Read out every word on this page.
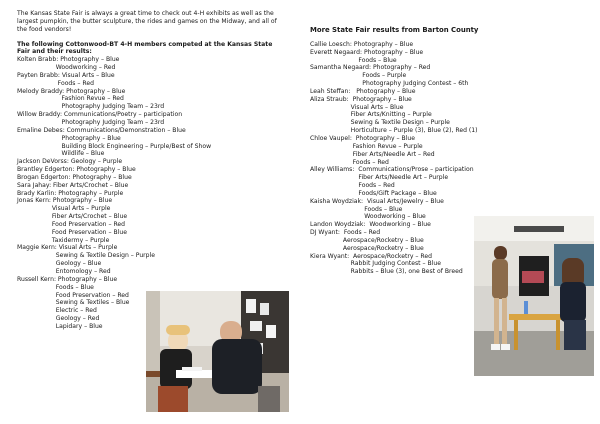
The Kansas State Fair is always a great time to check out 4-H exhibits as well as the largest pumpkin, the butter sculpture, the rides and games on the Midway, and all of the food vendors!
The following Cottonwood-BT 4-H members competed at the Kansas State Fair and their results:
Kolten Brabb: Photography – Blue
Woodworking – Red
Payten Brabb: Visual Arts – Blue
Foods – Red
Melody Braddy: Photography – Blue
Fashion Revue – Red
Photography Judging Team – 23rd
Willow Braddy: Communications/Poetry – participation
Photography Judging Team – 23rd
Emaline Debes: Communications/Demonstration – Blue
Photography – Blue
Building Block Engineering – Purple/Best of Show
Wildlife – Blue
Jackson DeVorss: Geology – Purple
Brantley Edgerton: Photography – Blue
Brogan Edgerton: Photography – Blue
Sara Jahay: Fiber Arts/Crochet – Blue
Brady Karlin: Photography – Purple
Jonas Kern: Photography – Blue
Visual Arts – Purple
Fiber Arts/Crochet – Blue
Food Preservation – Red
Food Preservation – Blue
Taxidermy – Purple
Maggie Kern: Visual Arts – Purple
Sewing & Textile Design – Purple
Geology – Blue
Entomology – Red
Russell Kern: Photography – Blue
Foods – Blue
Food Preservation – Red
Sewing & Textiles – Blue
Electric – Red
Geology – Red
Lapidary – Blue
More State Fair results from Barton County
Callie Loesch: Photography – Blue
Everett Negaard: Photography – Blue
Foods – Blue
Samantha Negaard: Photography – Red
Foods – Purple
Photography Judging Contest – 6th
Leah Steffan:   Photography – Blue
Aliza Straub:  Photography – Blue
Visual Arts – Blue
Fiber Arts/Knitting – Purple
Sewing & Textile Design – Purple
Horticulture – Purple (3), Blue (2), Red (1)
Chloe Vaupel:  Photography – Blue
Fashion Revue – Purple
Fiber Arts/Needle Art – Red
Foods – Red
Alley Williams:  Communications/Prose – participation
Fiber Arts/Needle Art – Purple
Foods – Red
Foods/Gift Package – Blue
Kaisha Woydziak:  Visual Arts/Jewelry – Blue
Foods – Blue
Woodworking – Blue
Landon Woydziak:  Woodworking – Blue
DJ Wyant:  Foods – Red
Aerospace/Rocketry – Blue
Aerospace/Rocketry – Blue
Kiera Wyant:  Aerospace/Rocketry – Red
Rabbit Judging Contest – Blue
Rabbits – Blue (3), one Best of Breed
